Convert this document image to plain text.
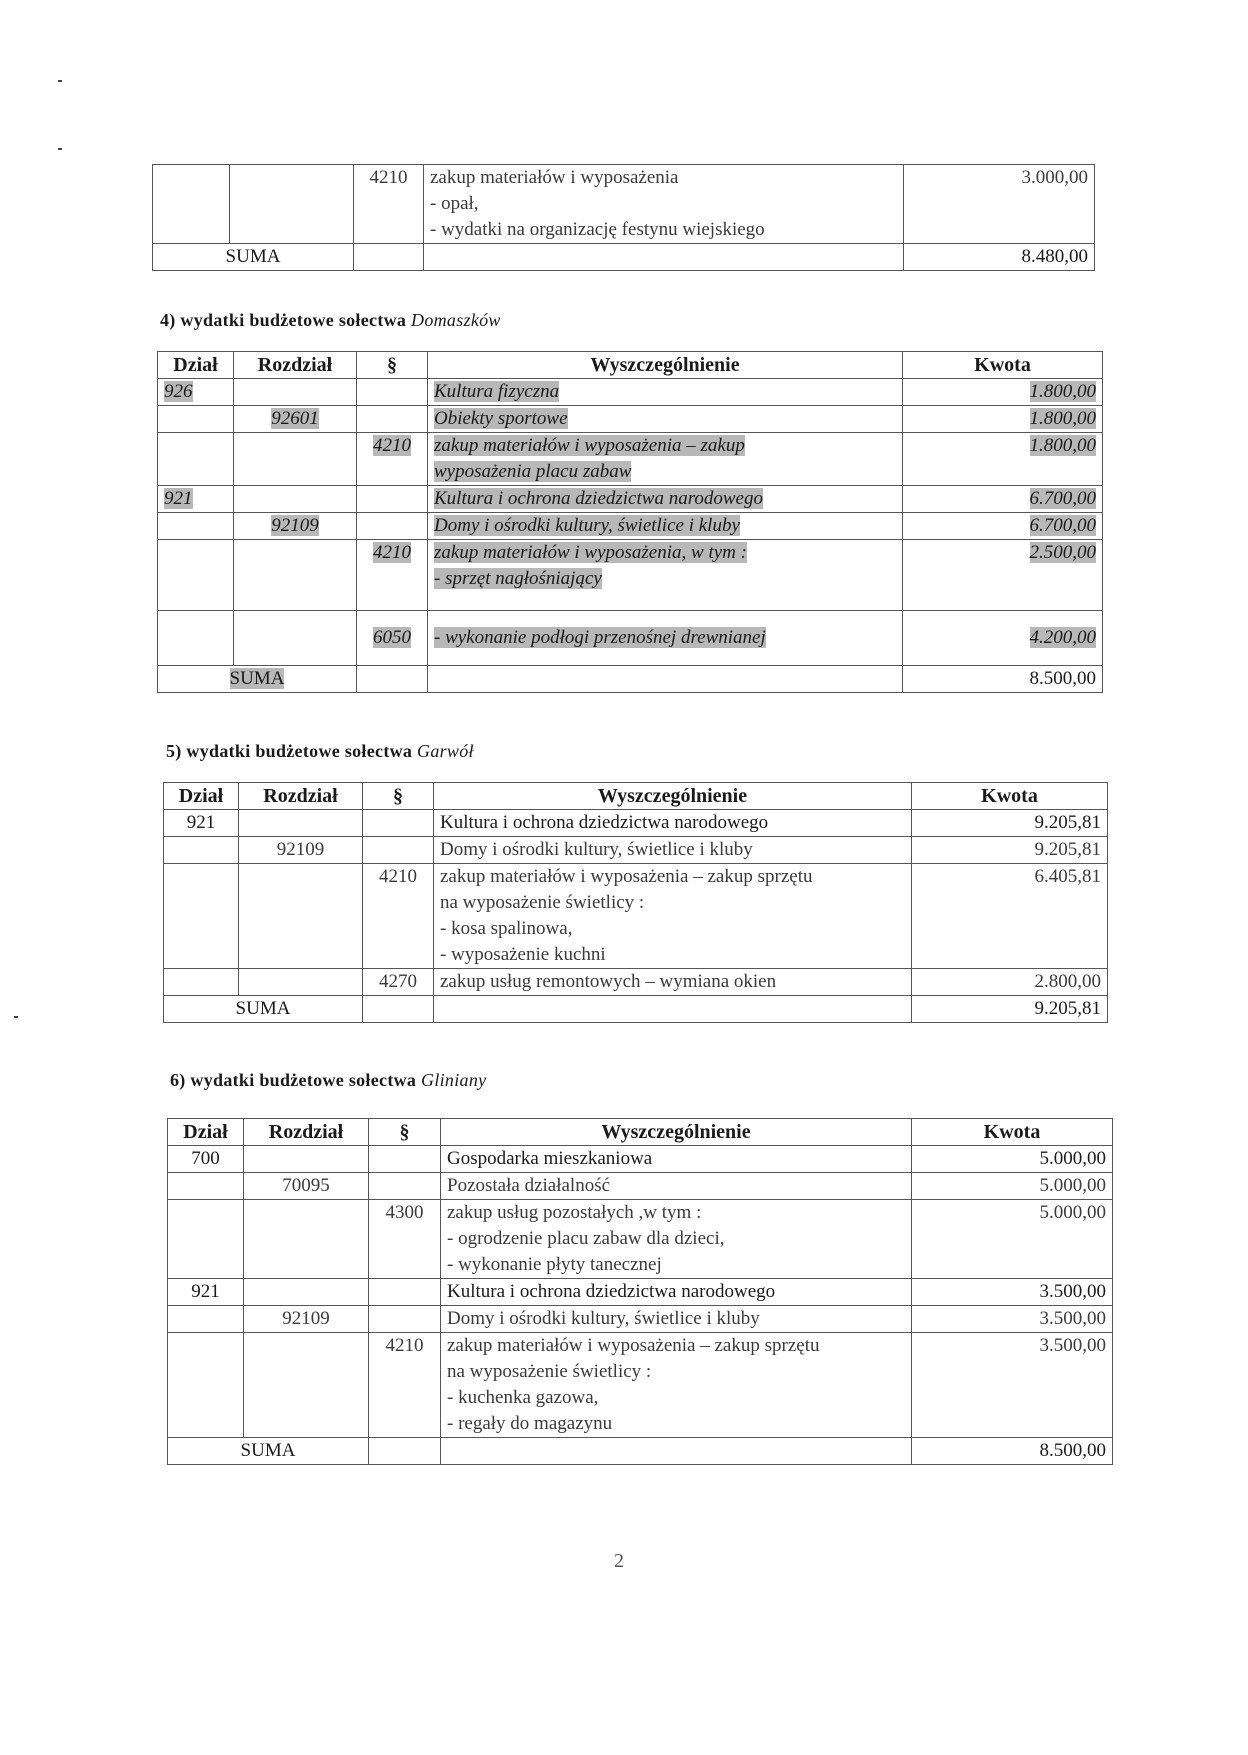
		4210	zakup materiałów i wyposażenia
- opał,
- wydatki na organizację festynu wiejskiego	3.000,00
SUMA				8.480,00
4) wydatki budżetowe sołectwa Domaszków
Dział	Rozdział	§	Wyszczególnienie	Kwota
926			Kultura fizyczna	1.800,00
	92601		Obiekty sportowe	1.800,00
		4210	zakup materiałów i wyposażenia – zakup
wyposażenia placu zabaw	1.800,00
921			Kultura i ochrona dziedzictwa narodowego	6.700,00
	92109		Domy i ośrodki kultury, świetlice i kluby	6.700,00
		4210	zakup materiałów i wyposażenia, w tym :
- sprzęt nagłośniający	2.500,00
		6050	- wykonanie podłogi przenośnej drewnianej	4.200,00
SUMA				8.500,00
5) wydatki budżetowe sołectwa Garwół
Dział	Rozdział	§	Wyszczególnienie	Kwota
921			Kultura i ochrona dziedzictwa narodowego	9.205,81
	92109		Domy i ośrodki kultury, świetlice i kluby	9.205,81
		4210	zakup materiałów i wyposażenia – zakup sprzętu
na wyposażenie świetlicy :
- kosa spalinowa,
- wyposażenie kuchni	6.405,81
		4270	zakup usług remontowych – wymiana okien	2.800,00
SUMA				9.205,81
6) wydatki budżetowe sołectwa Gliniany
Dział	Rozdział	§	Wyszczególnienie	Kwota
700			Gospodarka mieszkaniowa	5.000,00
	70095		Pozostała działalność	5.000,00
		4300	zakup usług pozostałych ,w tym :
- ogrodzenie placu zabaw dla dzieci,
- wykonanie płyty tanecznej	5.000,00
921			Kultura i ochrona dziedzictwa narodowego	3.500,00
	92109		Domy i ośrodki kultury, świetlice i kluby	3.500,00
		4210	zakup materiałów i wyposażenia – zakup sprzętu
na wyposażenie świetlicy :
- kuchenka gazowa,
- regały do magazynu	3.500,00
SUMA				8.500,00
2
